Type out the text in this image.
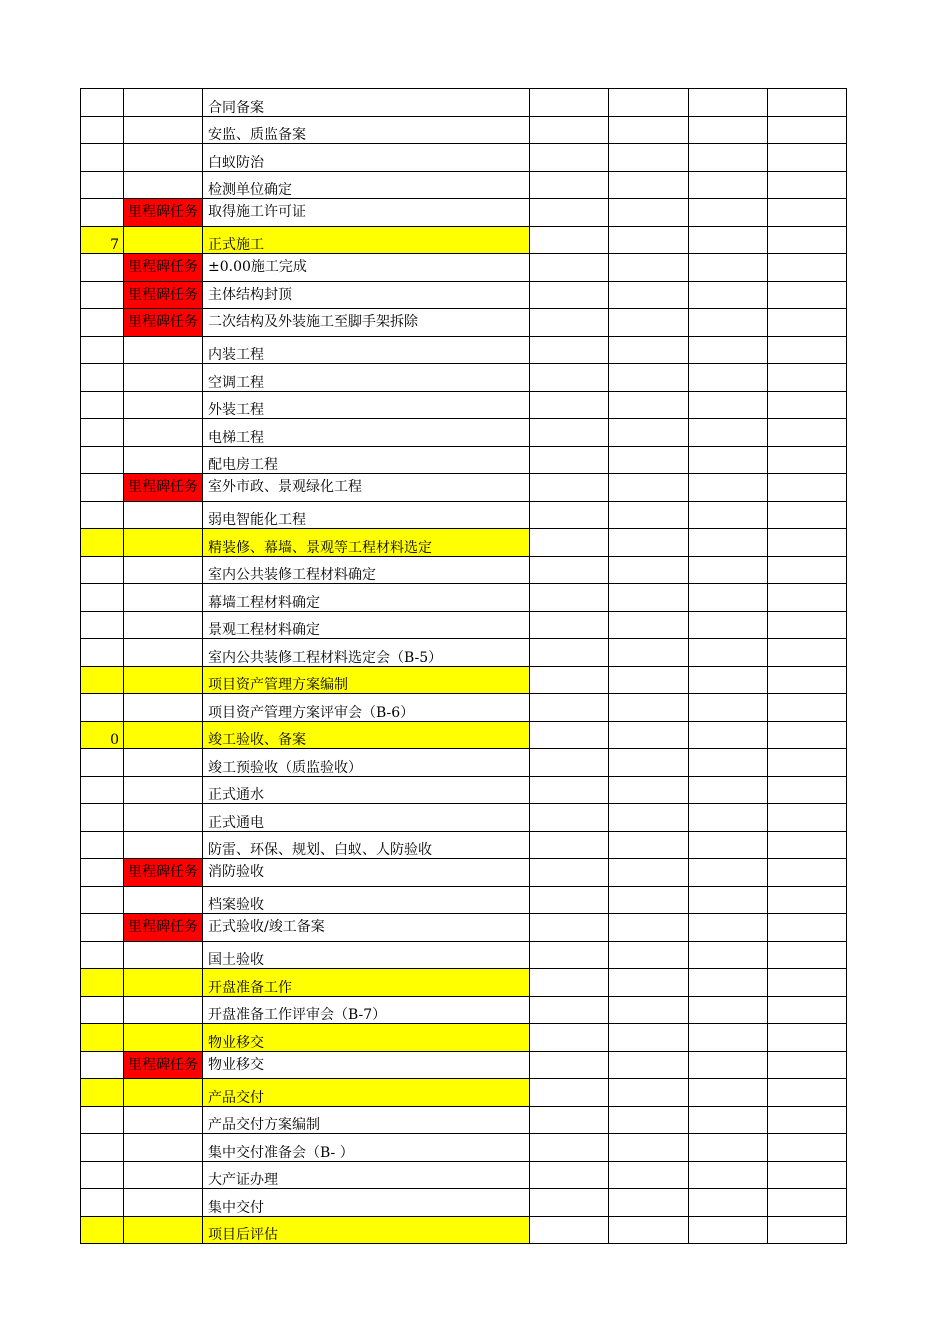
		合同备案				
		安监、质监备案				
		白蚁防治				
		检测单位确定				
	里程碑任务	取得施工许可证				
7		正式施工				
	里程碑任务	±0.00施工完成				
	里程碑任务	主体结构封顶				
	里程碑任务	二次结构及外装施工至脚手架拆除				
		内装工程				
		空调工程				
		外装工程				
		电梯工程				
		配电房工程				
	里程碑任务	室外市政、景观绿化工程				
		弱电智能化工程				
		精装修、幕墙、景观等工程材料选定				
		室内公共装修工程材料确定				
		幕墙工程材料确定				
		景观工程材料确定				
		室内公共装修工程材料选定会（B-5）				
		项目资产管理方案编制				
		项目资产管理方案评审会（B-6）				
0		竣工验收、备案				
		竣工预验收（质监验收）				
		正式通水				
		正式通电				
		防雷、环保、规划、白蚁、人防验收				
	里程碑任务	消防验收				
		档案验收				
	里程碑任务	正式验收/竣工备案				
		国土验收				
		开盘准备工作				
		开盘准备工作评审会（B-7）				
		物业移交				
	里程碑任务	物业移交				
		产品交付				
		产品交付方案编制				
		集中交付准备会（B- ）				
		大产证办理				
		集中交付				
		项目后评估				
